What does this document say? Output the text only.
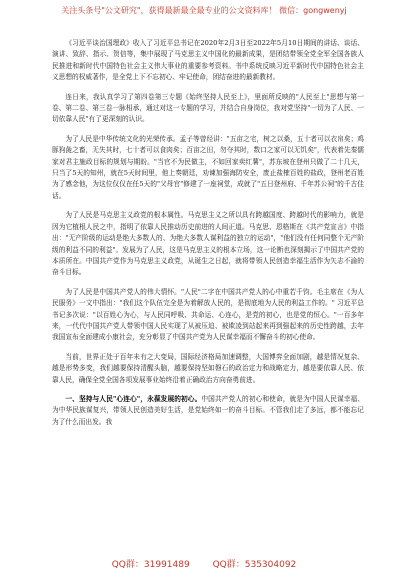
关注头条号"公文研究"，获得最新最全最专业的公文资料库！ 微信：gongwenyj

《习近平谈治国理政》收入了习近平总书记在2020年2月3日至2022年5月10日期间的讲话、谈话、演讲、致辞、指示、贺信等，集中展现了马克思主义中国化的最新成果，是团结带领全党全军全国各族人民推进和新时代中国特色社会主义伟大事业的重要参考资料。书中系统反映习近平新时代中国特色社会主义思想的权威著作，是全党上下不忘初心、牢记使命，团结奋进的最新教材。

连日来，我认真学习了第四卷第三专题《始终坚持人民至上》，里面所反映的"人民至上"思想与第一卷、第二卷、第三卷一脉相承，通过对这一专题的学习，并结合自身岗位，我对党坚持"一切为了人民、一切依靠人民"有了更深刻的认识。

为了人民是中华传统文化的光荣传承。孟子等曾经讲："五亩之宅，树之以桑，五十者可以衣帛矣；鸡豚狗彘之畜，无失其时，七十者可以食肉矣；百亩之田，勿夺其时，数口之家可以无饥矣"，代表着先秦儒家对君主施政目标的规划与期盼。"当官不为民做主，不如回家卖红薯"，苏东坡在登州只做了二十几天，只当了5天的知州，就在5天时间里，他上奏朝廷，劝谏加强海防安全，废止盐榷百姓的盐政，登州老百姓为了感念他，为这位仅仅在任5天的"父母官"修建了一座祠堂，成就了"五日登州府、千年苏公祠"的千古佳话。

为了人民是马克思主义政党的根本属性。马克思主义之所以具有跨越国度、跨越时代的影响力，就是因为它植根人民之中，指明了依靠人民推动历史前进的人间正道。马克思、恩格斯在《共产党宣言》中指出："无产阶级的运动是绝大多数人的、为绝大多数人谋利益的独立的运动"，"他们没有任何同整个无产阶级的利益不同的利益"。发展为了人民，这是马克思主义的根本立场，这一论断也深刻揭示了中国共产党的本质所在。中国共产党作为马克思主义政党，从诞生之日起，就将带领人民创造幸福生活作为矢志不渝的奋斗目标。

为了人民是中国共产党人的伟大情怀。"人民"二字在中国共产党人的心中重若千钧。毛主席在《为人民服务》一文中指出："我们这个队伍完全是为着解放人民的，是彻底地为人民的利益工作的。" 习近平总书记多次说："以百姓心为心，与人民同呼吸、共命运、心连心，是党的初心，也是党的恒心。"一百多年来，一代代中国共产党人带领中国人民实现了从被压迫、被欺凌到站起来再到强起来的历史性跨越，去年我国宣布全面建成小康社会，充分彰显了中国共产党为人民谋幸福而不懈奋斗的初心使命。

当前，世界正处于百年未有之大变局，国际经济格局加速调整，大国博弈全面加剧，越是情况复杂、越是形势多变，我们越要保持清醒头脑，越要保持坚如磐石的政治定力和战略定力，越是要依靠人民、依靠人民，确保全党全国各项发展事业始终沿着正确政治方向奋勇前进。

一、坚持与人民"心连心"，永葆发展的初心。中国共产党人的初心和使命，就是为中国人民谋幸福、为中华民族谋复兴，带领人民创造美好生活，是党始终如一的奋斗目标。不管我们走了多远，都不能忘记为了什么而出发。我

QQ群：31991489	QQ群：535304092
